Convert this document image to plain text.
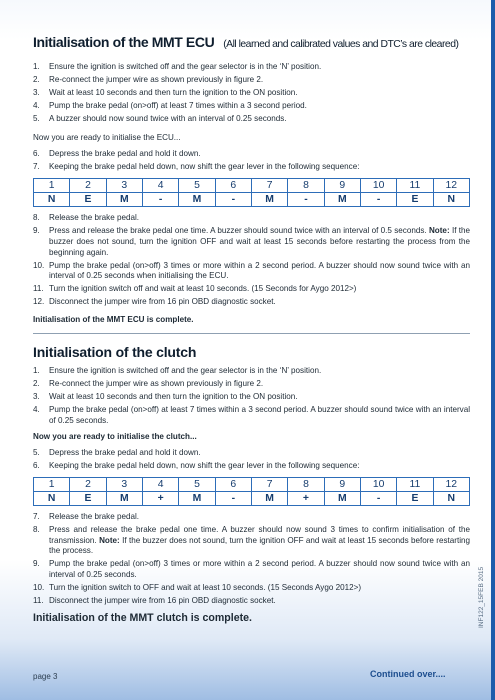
Initialisation of the MMT ECU (All learned and calibrated values and DTC’s are cleared)
1. Ensure the ignition is switched off and the gear selector is in the ‘N’ position.
2. Re-connect the jumper wire as shown previously in figure 2.
3. Wait at least 10 seconds and then turn the ignition to the ON position.
4. Pump the brake pedal (on>off) at least 7 times within a 3 second period.
5. A buzzer should now sound twice with an interval of 0.25 seconds.

Now you are ready to initialise the ECU...

6. Depress the brake pedal and hold it down.
7. Keeping the brake pedal held down, now shift the gear lever in the following sequence:
1	2	3	4	5	6	7	8	9	10	11	12
N	E	M	-	M	-	M	-	M	-	E	N
8. Release the brake pedal.
9. Press and release the brake pedal one time. A buzzer should sound twice with an interval of 0.5 seconds. Note: If the buzzer does not sound, turn the ignition OFF and wait at least 15 seconds before restarting the process from the beginning again.
10. Pump the brake pedal (on>off) 3 times or more within a 2 second period. A buzzer should now sound twice with an interval of 0.25 seconds when initialising the ECU.
11. Turn the ignition switch off and wait at least 10 seconds. (15 Seconds for Aygo 2012>)
12. Disconnect the jumper wire from 16 pin OBD diagnostic socket.

Initialisation of the MMT ECU is complete.

Initialisation of the clutch
1. Ensure the ignition is switched off and the gear selector is in the ‘N’ position.
2. Re-connect the jumper wire as shown previously in figure 2.
3. Wait at least 10 seconds and then turn the ignition to the ON position.
4. Pump the brake pedal (on>off) at least 7 times within a 3 second period. A buzzer should sound twice with an interval of 0.25 seconds.

Now you are ready to initialise the clutch...

5. Depress the brake pedal and hold it down.
6. Keeping the brake pedal held down, now shift the gear lever in the following sequence:
1	2	3	4	5	6	7	8	9	10	11	12
N	E	M	+	M	-	M	+	M	-	E	N
7. Release the brake pedal.
8. Press and release the brake pedal one time. A buzzer should now sound 3 times to confirm initialisation of the transmission. Note: If the buzzer does not sound, turn the ignition OFF and wait at least 15 seconds before restarting the process.
9. Pump the brake pedal (on>off) 3 times or more within a 2 second period. A buzzer should now sound twice with an interval of 0.25 seconds.
10. Turn the ignition switch to OFF and wait at least 10 seconds. (15 Seconds Aygo 2012>)
11. Disconnect the jumper wire from 16 pin OBD diagnostic socket.

Initialisation of the MMT clutch is complete.

page 3	Continued over....
INF122_15FEB 2015
